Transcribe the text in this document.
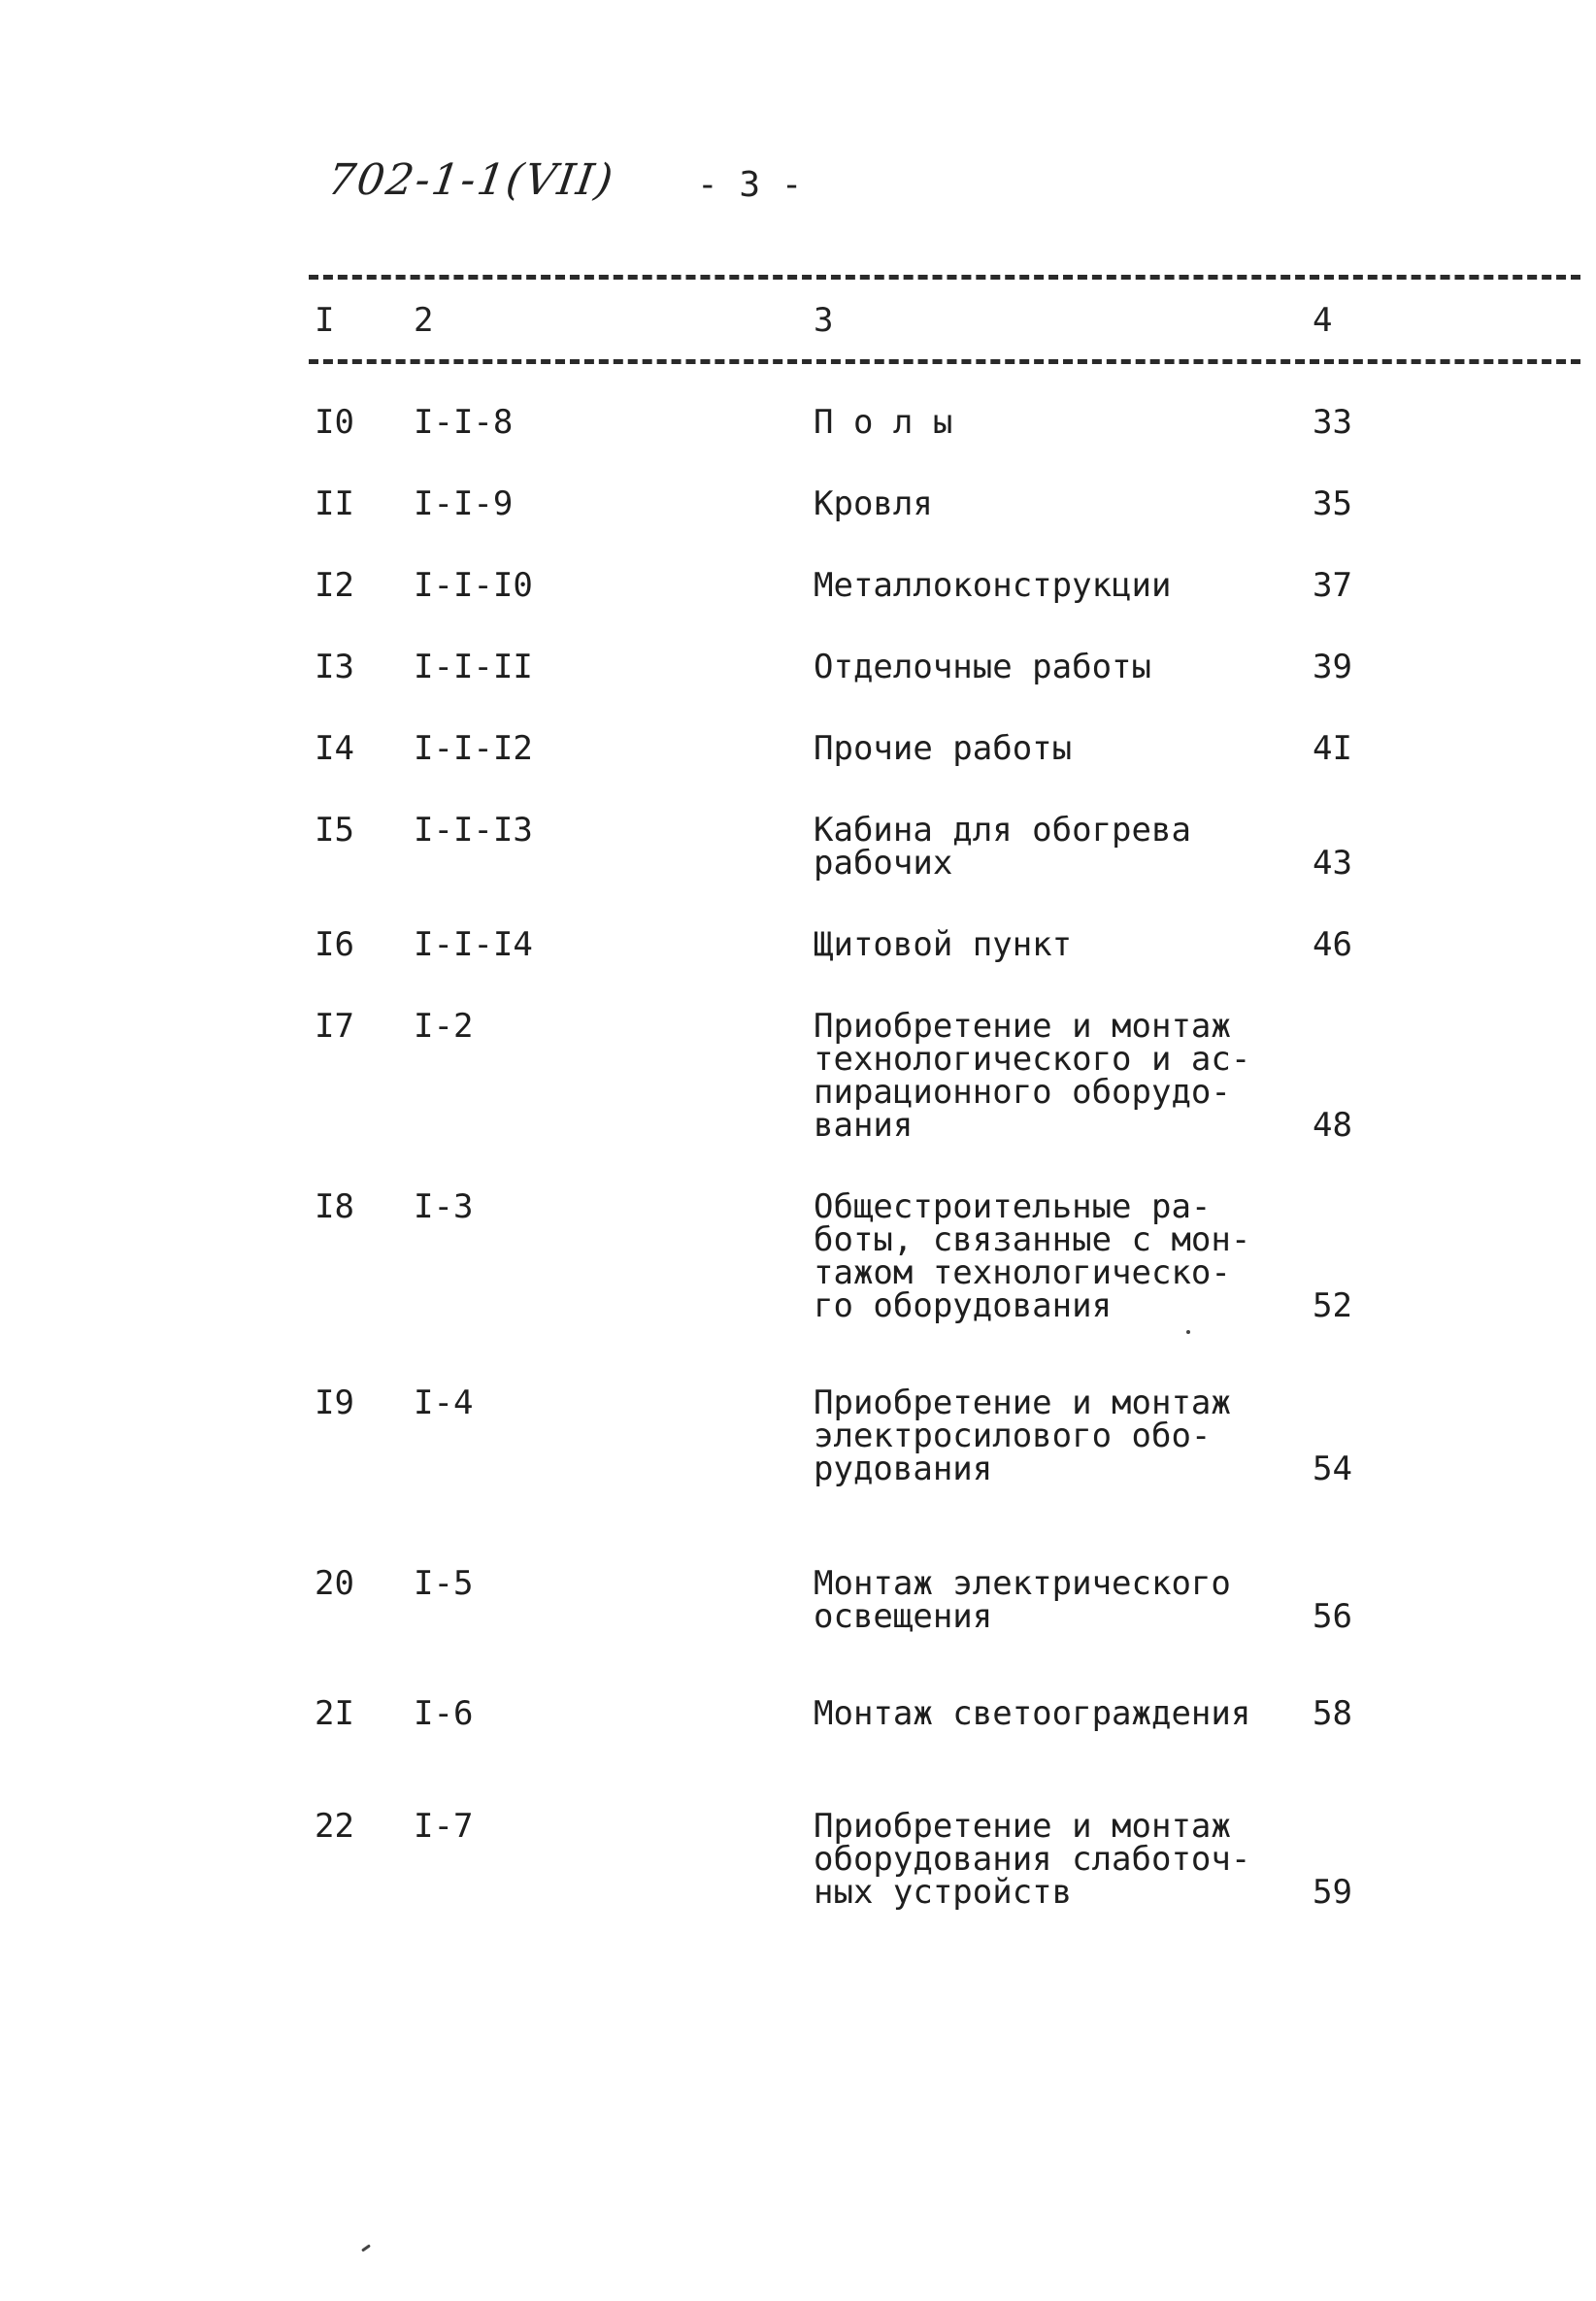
702-1-1(VII) - 3 -
I 2	3	4
I0 I-I-8	П о л ы	33
II I-I-9	Кровля	35
I2 I-I-I0	Металлоконструкции	37
I3 I-I-II	Отделочные работы	39
I4 I-I-I2	Прочие работы	4I
I5 I-I-I3	Кабина для обогрева
рабочих	43
I6 I-I-I4	Щитовой пункт	46
I7 I-2	Приобретение и монтаж
технологического и ас-
пирационного оборудо-
вания	48
I8 I-3	Общестроительные ра-
боты, связанные с мон-
тажом технологическо-
го оборудования	52
I9 I-4	Приобретение и монтаж
электросилового обо-
рудования	54
20 I-5	Монтаж электрического
освещения	56
2I I-6	Монтаж светоограждения 58
22 I-7	Приобретение и монтаж
оборудования слаботоч-
ных устройств	59
